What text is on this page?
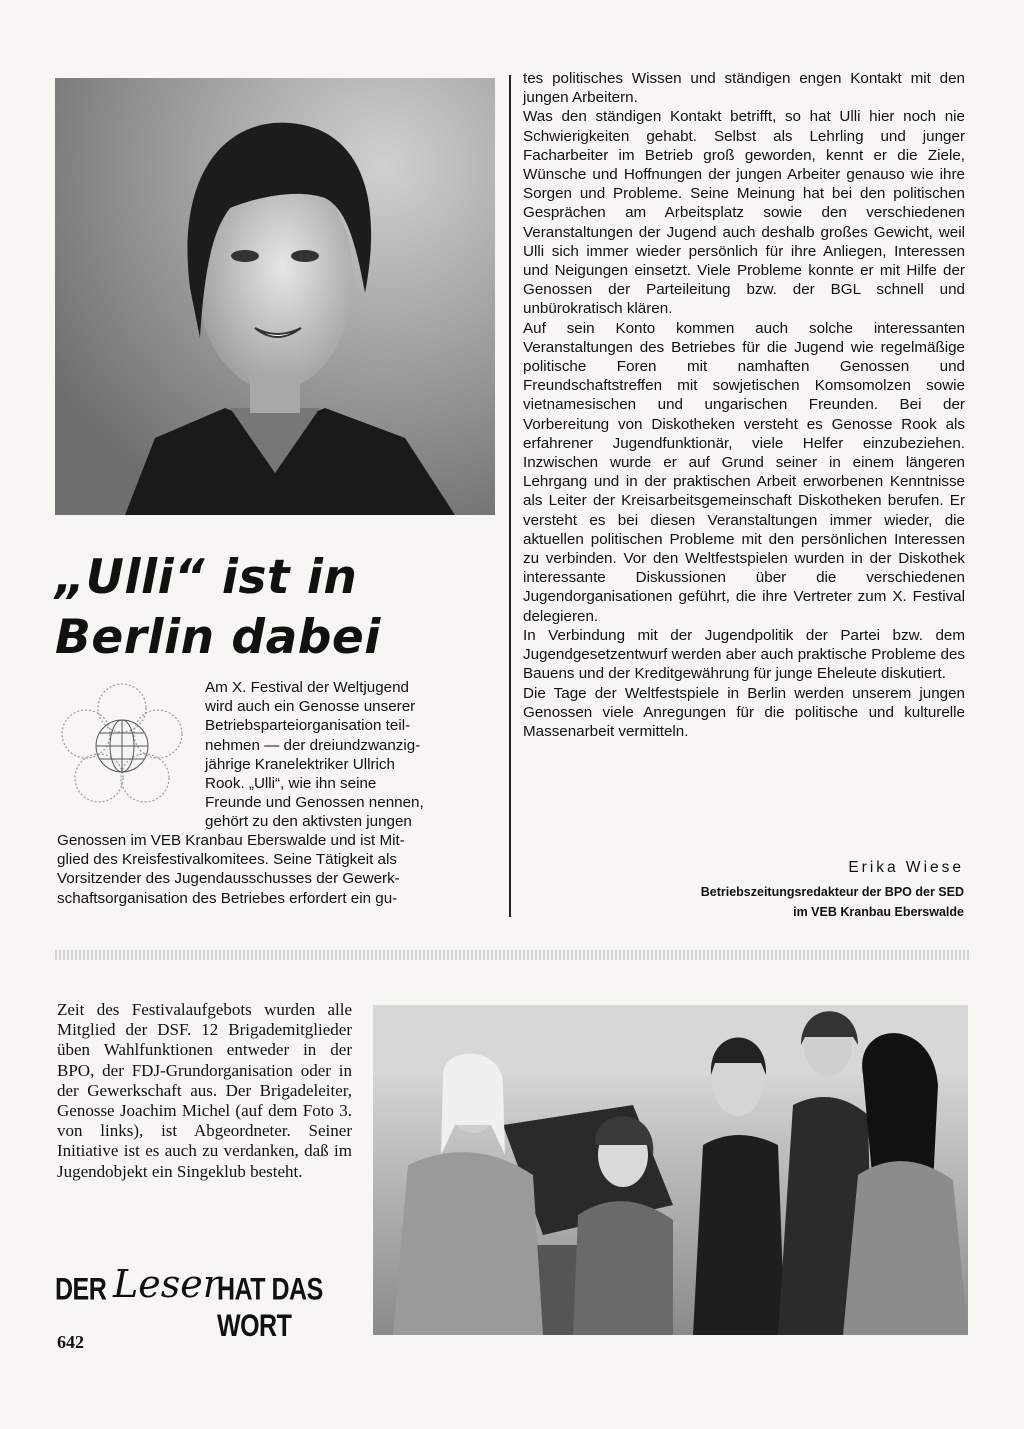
„Ulli“ ist in
Berlin dabei
Am X. Festival der Weltjugend
wird auch ein Genosse unserer
Betriebsparteiorganisation teil-
nehmen — der dreiundzwanzig-
jährige Kranelektriker Ullrich
Rook. „Ulli“, wie ihn seine
Freunde und Genossen nennen,
gehört zu den aktivsten jungen
Genossen im VEB Kranbau Eberswalde und ist Mit-
glied des Kreisfestivalkomitees. Seine Tätigkeit als
Vorsitzender des Jugendausschusses der Gewerk-
schaftsorganisation des Betriebes erfordert ein gu-

tes politisches Wissen und ständigen engen Kontakt mit den jungen Arbeitern.

Was den ständigen Kontakt betrifft, so hat Ulli hier noch nie Schwierigkeiten gehabt. Selbst als Lehrling und junger Facharbeiter im Betrieb groß geworden, kennt er die Ziele, Wünsche und Hoffnungen der jungen Arbeiter genauso wie ihre Sorgen und Probleme. Seine Meinung hat bei den politischen Gesprächen am Arbeitsplatz sowie den verschiedenen Veranstaltungen der Jugend auch deshalb großes Gewicht, weil Ulli sich immer wieder persönlich für ihre Anliegen, Interessen und Neigungen einsetzt. Viele Probleme konnte er mit Hilfe der Genossen der Parteileitung bzw. der BGL schnell und unbürokratisch klären.

Auf sein Konto kommen auch solche interessanten Veranstaltungen des Betriebes für die Jugend wie regelmäßige politische Foren mit namhaften Genossen und Freundschaftstreffen mit sowjetischen Komsomolzen sowie vietnamesischen und ungarischen Freunden. Bei der Vorbereitung von Diskotheken versteht es Genosse Rook als erfahrener Jugendfunktionär, viele Helfer einzubeziehen. Inzwischen wurde er auf Grund seiner in einem längeren Lehrgang und in der praktischen Arbeit erworbenen Kenntnisse als Leiter der Kreisarbeitsgemeinschaft Diskotheken berufen. Er versteht es bei diesen Veranstaltungen immer wieder, die aktuellen politischen Probleme mit den persönlichen Interessen zu verbinden. Vor den Weltfestspielen wurden in der Diskothek interessante Diskussionen über die verschiedenen Jugendorganisationen geführt, die ihre Vertreter zum X. Festival delegieren.

In Verbindung mit der Jugendpolitik der Partei bzw. dem Jugendgesetzentwurf werden aber auch praktische Probleme des Bauens und der Kreditgewährung für junge Eheleute diskutiert.

Die Tage der Weltfestspiele in Berlin werden unserem jungen Genossen viele Anregungen für die politische und kulturelle Massenarbeit vermitteln.

Erika Wiese
Betriebszeitungsredakteur der BPO der SED
im VEB Kranbau Eberswalde

Zeit des Festivalaufgebots wurden alle Mitglied der DSF. 12 Brigademitglieder üben Wahlfunktionen entweder in der BPO, der FDJ-Grundorganisation oder in der Gewerkschaft aus. Der Brigadeleiter, Genosse Joachim Michel (auf dem Foto 3. von links), ist Abgeordneter. Seiner Initiative ist es auch zu verdanken, daß im Jugendobjekt ein Singeklub besteht.

DER Leser
HAT DAS WORT
642
